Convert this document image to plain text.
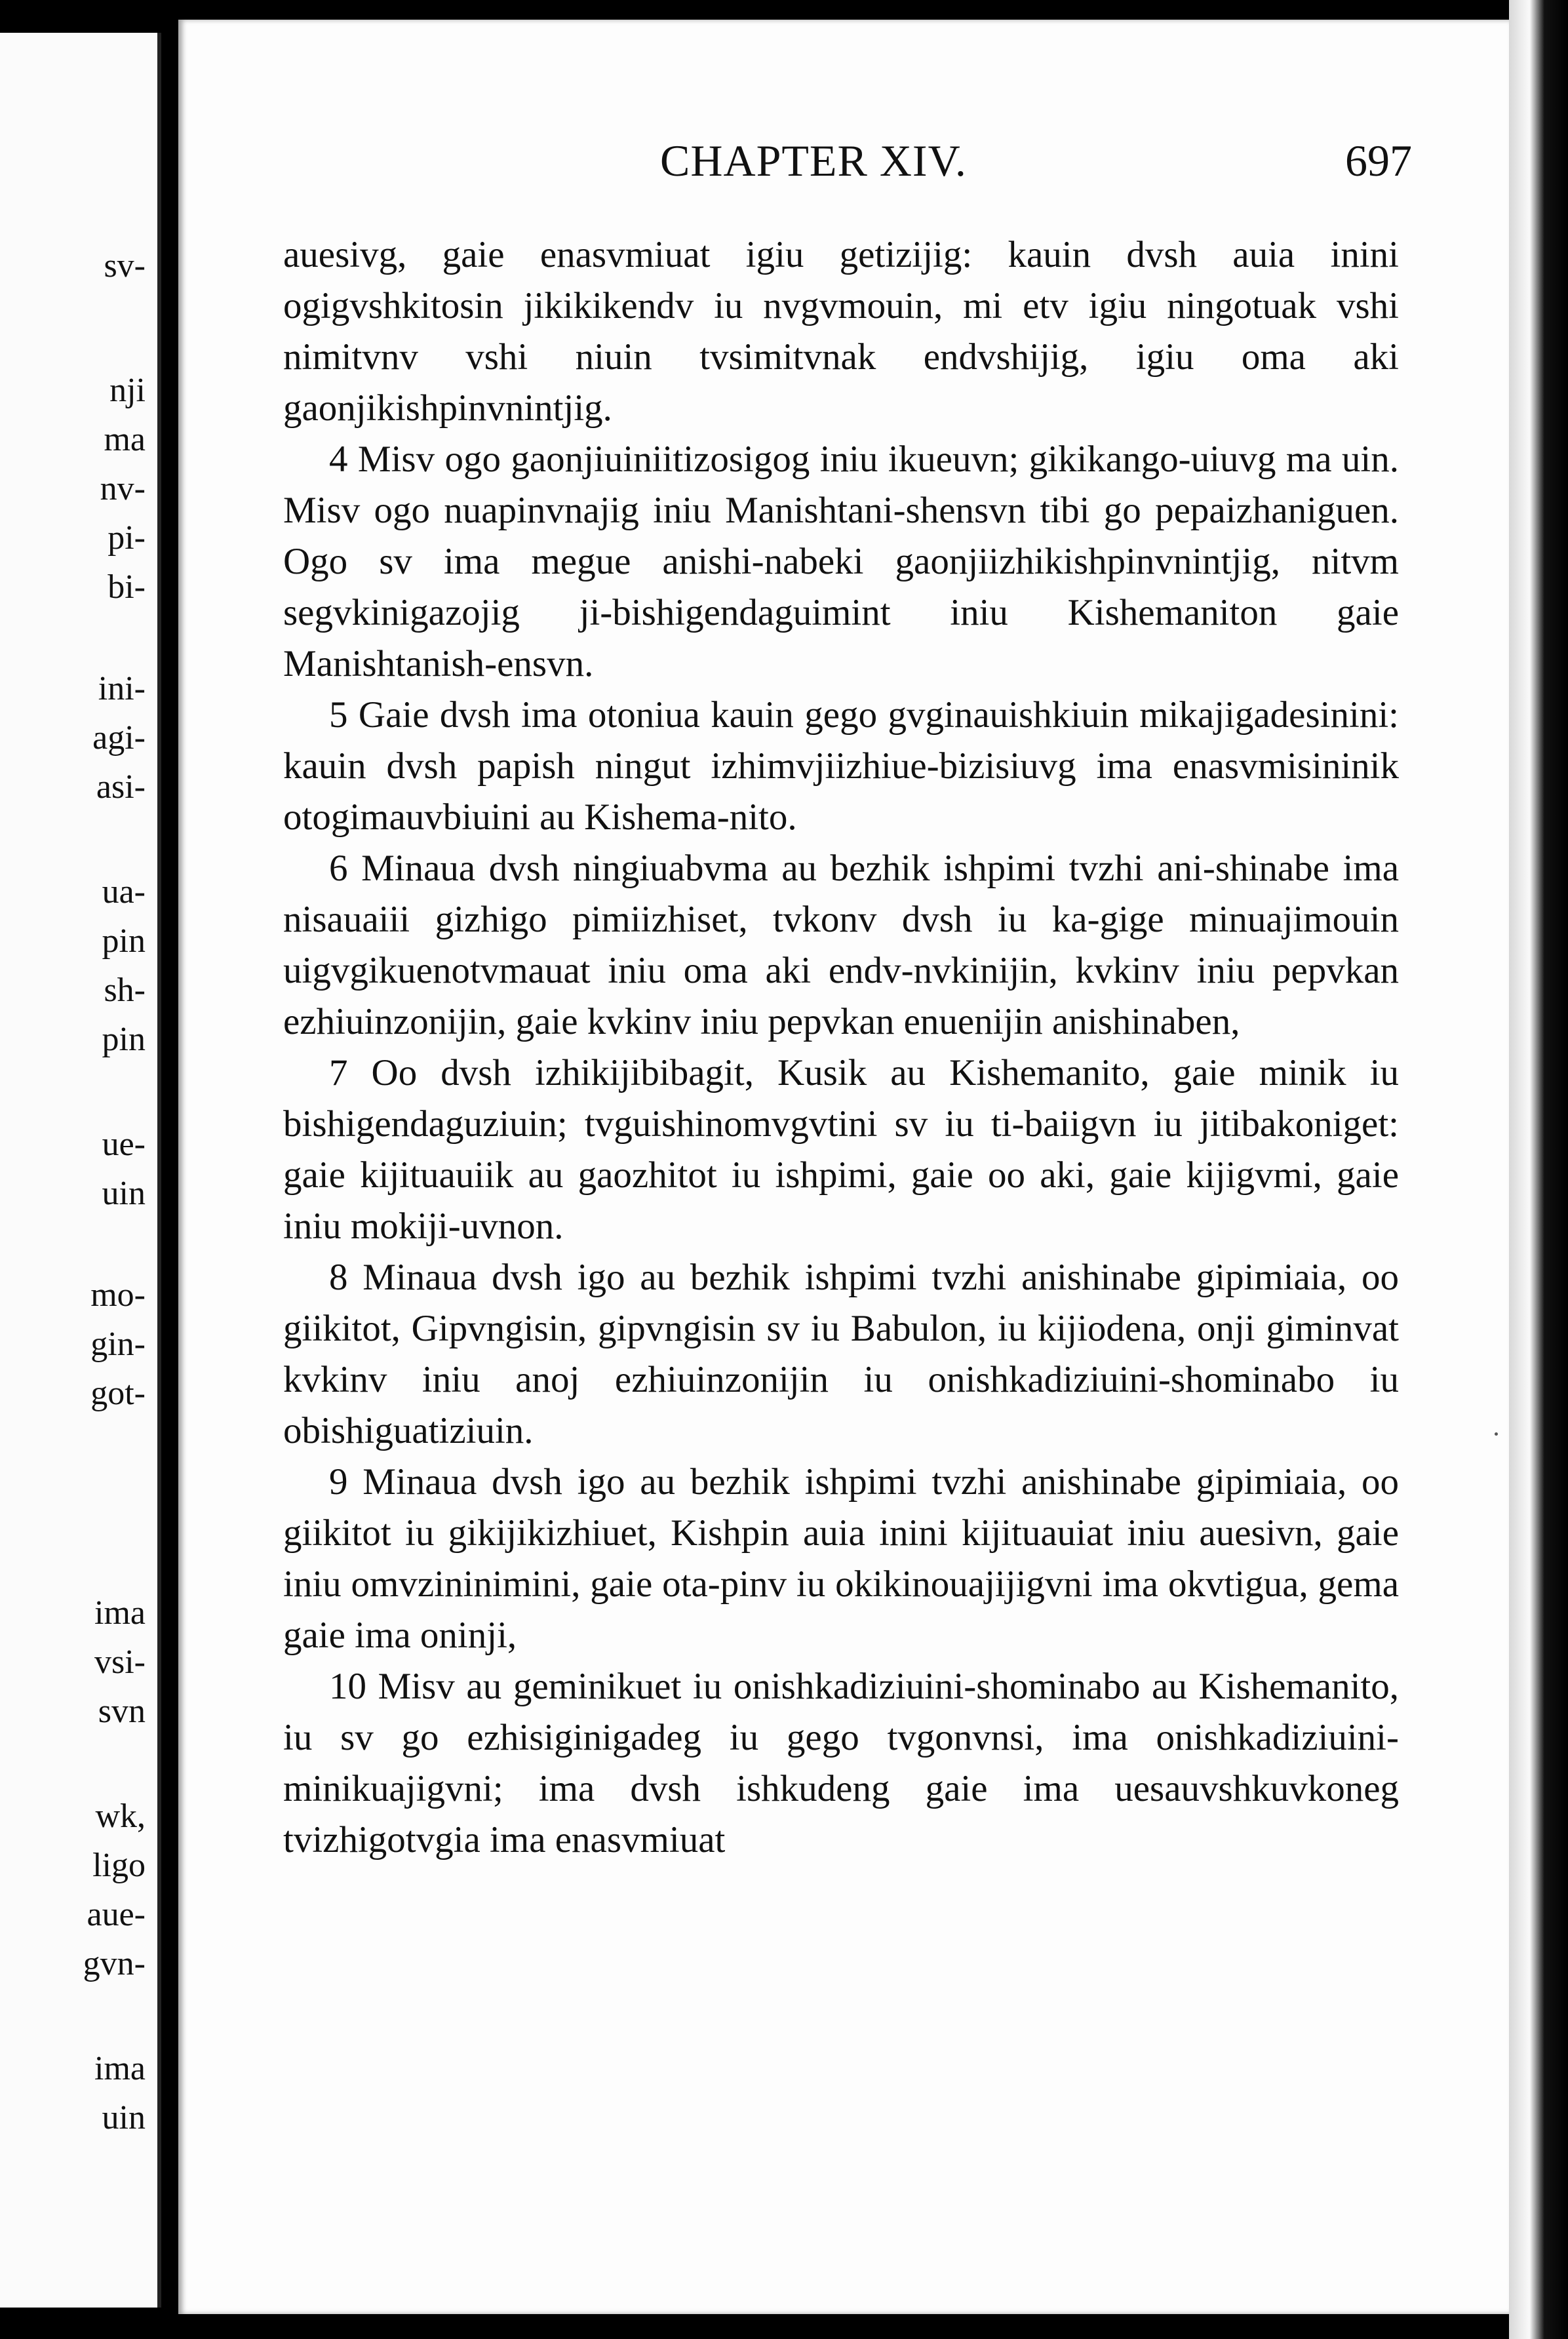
sv-
nji
ma
nv-
pi-
bi-
ini-
agi-
asi-
ua-
pin
sh-
pin
ue-
uin
mo-
gin-
got-
ima
vsi-
svn
wk,
ligo
aue-
gvn-
ima
uin
CHAPTER XIV.	697

auesivg, gaie enasvmiuat igiu getizijig: kauin dvsh auia inini ogigvshkitosin jikikikendv iu nvgvmouin, mi etv igiu ningotuak vshi nimitvnv vshi niuin tvsimitvnak endvshijig, igiu oma aki gaonjikishpinvnintjig.

4 Misv ogo gaonjiuiniitizosigog iniu ikueuvn; gikikango-uiuvg ma uin. Misv ogo nuapinvnajig iniu Manishtani-shensvn tibi go pepaizhaniguen. Ogo sv ima megue anishi-nabeki gaonjiizhikishpinvnintjig, nitvm segvkinigazojig ji-bishigendaguimint iniu Kishemaniton gaie Manishtanish-ensvn.

5 Gaie dvsh ima otoniua kauin gego gvginauishkiuin mikajigadesinini: kauin dvsh papish ningut izhimvjiizhiue-bizisiuvg ima enasvmisininik otogimauvbiuini au Kishema-nito.

6 Minaua dvsh ningiuabvma au bezhik ishpimi tvzhi ani-shinabe ima nisauaiii gizhigo pimiizhiset, tvkonv dvsh iu ka-gige minuajimouin uigvgikuenotvmauat iniu oma aki endv-nvkinijin, kvkinv iniu pepvkan ezhiuinzonijin, gaie kvkinv iniu pepvkan enuenijin anishinaben,

7 Oo dvsh izhikijibibagit, Kusik au Kishemanito, gaie minik iu bishigendaguziuin; tvguishinomvgvtini sv iu ti-baiigvn iu jitibakoniget: gaie kijituauiik au gaozhitot iu ishpimi, gaie oo aki, gaie kijigvmi, gaie iniu mokiji-uvnon.

8 Minaua dvsh igo au bezhik ishpimi tvzhi anishinabe gipimiaia, oo giikitot, Gipvngisin, gipvngisin sv iu Babulon, iu kijiodena, onji giminvat kvkinv iniu anoj ezhiuinzonijin iu onishkadiziuini-shominabo iu obishiguatiziuin.

9 Minaua dvsh igo au bezhik ishpimi tvzhi anishinabe gipimiaia, oo giikitot iu gikijikizhiuet, Kishpin auia inini kijituauiat iniu auesivn, gaie iniu omvzininimini, gaie ota-pinv iu okikinouajijigvni ima okvtigua, gema gaie ima oninji,

10 Misv au geminikuet iu onishkadiziuini-shominabo au Kishemanito, iu sv go ezhisiginigadeg iu gego tvgonvnsi, ima onishkadiziuini-minikuajigvni; ima dvsh ishkudeng gaie ima uesauvshkuvkoneg tvizhigotvgia ima enasvmiuat
